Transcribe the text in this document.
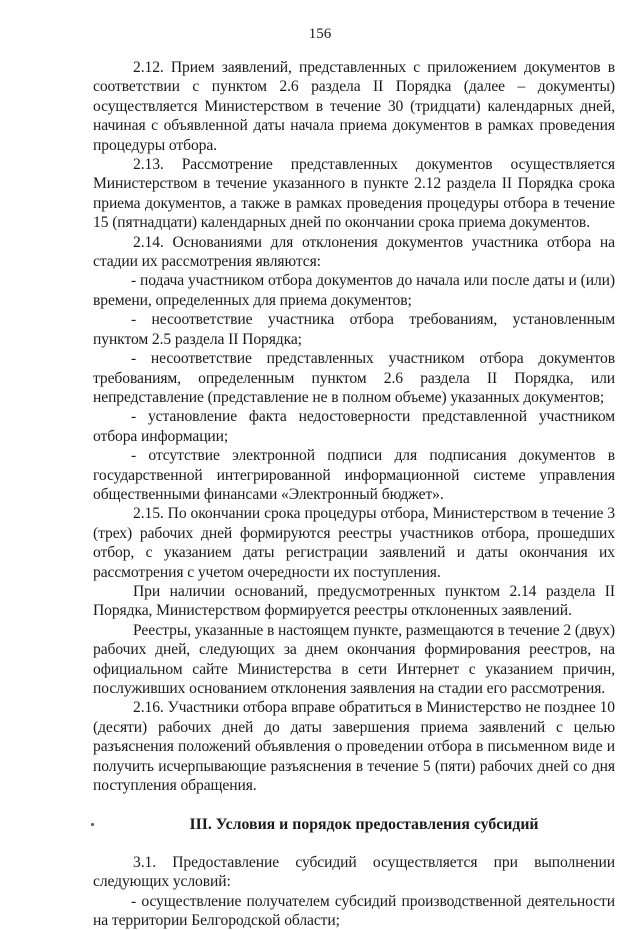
156

2.12. Прием заявлений, представленных с приложением документов в соответствии с пунктом 2.6 раздела II Порядка (далее – документы) осуществляется Министерством в течение 30 (тридцати) календарных дней, начиная с объявленной даты начала приема документов в рамках проведения процедуры отбора.

2.13. Рассмотрение представленных документов осуществляется Министерством в течение указанного в пункте 2.12 раздела II Порядка срока приема документов, а также в рамках проведения процедуры отбора в течение 15 (пятнадцати) календарных дней по окончании срока приема документов.

2.14. Основаниями для отклонения документов участника отбора на стадии их рассмотрения являются:

- подача участником отбора документов до начала или после даты и (или) времени, определенных для приема документов;

- несоответствие участника отбора требованиям, установленным пунктом 2.5 раздела II Порядка;

- несоответствие представленных участником отбора документов требованиям, определенным пунктом 2.6 раздела II Порядка, или непредставление (представление не в полном объеме) указанных документов;

- установление факта недостоверности представленной участником отбора информации;

- отсутствие электронной подписи для подписания документов в государственной интегрированной информационной системе управления общественными финансами «Электронный бюджет».

2.15. По окончании срока процедуры отбора, Министерством в течение 3 (трех) рабочих дней формируются реестры участников отбора, прошедших отбор, с указанием даты регистрации заявлений и даты окончания их рассмотрения с учетом очередности их поступления.

При наличии оснований, предусмотренных пунктом 2.14 раздела II Порядка, Министерством формируется реестры отклоненных заявлений.

Реестры, указанные в настоящем пункте, размещаются в течение 2 (двух) рабочих дней, следующих за днем окончания формирования реестров, на официальном сайте Министерства в сети Интернет с указанием причин, послуживших основанием отклонения заявления на стадии его рассмотрения.

2.16. Участники отбора вправе обратиться в Министерство не позднее 10 (десяти) рабочих дней до даты завершения приема заявлений с целью разъяснения положений объявления о проведении отбора в письменном виде и получить исчерпывающие разъяснения в течение 5 (пяти) рабочих дней со дня поступления обращения.

III. Условия и порядок предоставления субсидий

3.1. Предоставление субсидий осуществляется при выполнении следующих условий:

- осуществление получателем субсидий производственной деятельности на территории Белгородской области;
